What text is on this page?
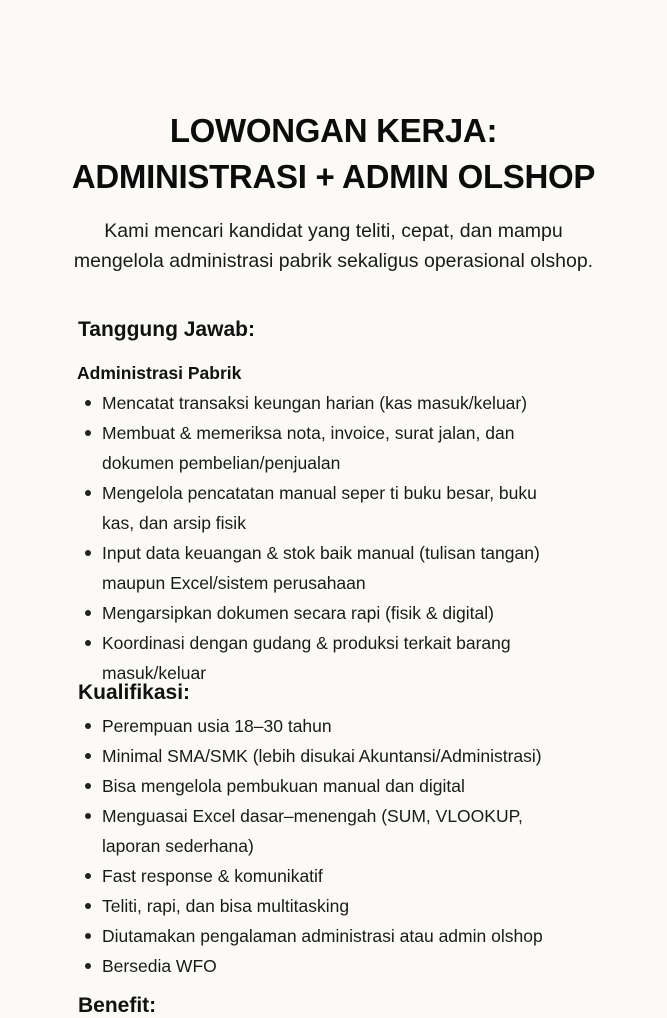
LOWONGAN KERJA:
ADMINISTRASI + ADMIN OLSHOP
Kami mencari kandidat yang teliti, cepat, dan mampu mengelola administrasi pabrik sekaligus operasional olshop.
Tanggung Jawab:
Administrasi Pabrik
Mencatat transaksi keungan harian (kas masuk/keluar)
Membuat & memeriksa nota, invoice, surat jalan, dan dokumen pembelian/penjualan
Mengelola pencatatan manual seper ti buku besar, buku kas, dan arsip fisik
Input data keuangan & stok baik manual (tulisan tangan) maupun Excel/sistem perusahaan
Mengarsipkan dokumen secara rapi (fisik & digital)
Koordinasi dengan gudang & produksi terkait barang masuk/keluar
Kualifikasi:
Perempuan usia 18–30 tahun
Minimal SMA/SMK (lebih disukai Akuntansi/Administrasi)
Bisa mengelola pembukuan manual dan digital
Menguasai Excel dasar–menengah (SUM, VLOOKUP, laporan sederhana)
Fast response & komunikatif
Teliti, rapi, dan bisa multitasking
Diutamakan pengalaman administrasi atau admin olshop
Bersedia WFO
Benefit:
